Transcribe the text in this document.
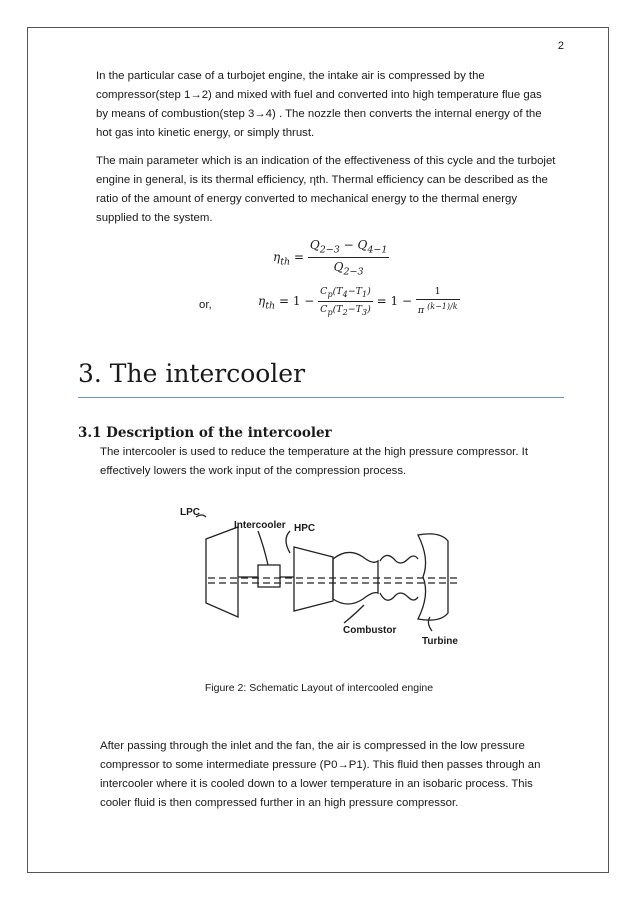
2

In the particular case of a turbojet engine, the intake air is compressed by the compressor(step 1→2) and mixed with fuel and converted into high temperature flue gas by means of combustion(step 3→4) . The nozzle then converts the internal energy of the hot gas into kinetic energy, or simply thrust.

The main parameter which is an indication of the effectiveness of this cycle and the turbojet engine in general, is its thermal efficiency, ηth. Thermal efficiency can be described as the ratio of the amount of energy converted to mechanical energy to the thermal energy supplied to the system.

$\eta_{th} = \frac{Q_{2-3} - Q_{4-1}}{Q_{2-3}}$
or,	$\eta_{th} = 1 - \frac{C_p(T_4-T_1)}{C_p(T_2-T_3)} = 1 - \frac{1}{\pi ^{(k-1)/k}}$
3. The intercooler
3.1 Description of the intercooler

The intercooler is used to reduce the temperature at the high pressure compressor. It effectively lowers the work input of the compression process.

LPC
Intercooler HPC
Combustor
Turbine
Figure 2: Schematic Layout of intercooled engine

After passing through the inlet and the fan, the air is compressed in the low pressure compressor to some intermediate pressure (P0→P1). This fluid then passes through an intercooler where it is cooled down to a lower temperature in an isobaric process. This cooler fluid is then compressed further in an high pressure compressor.
